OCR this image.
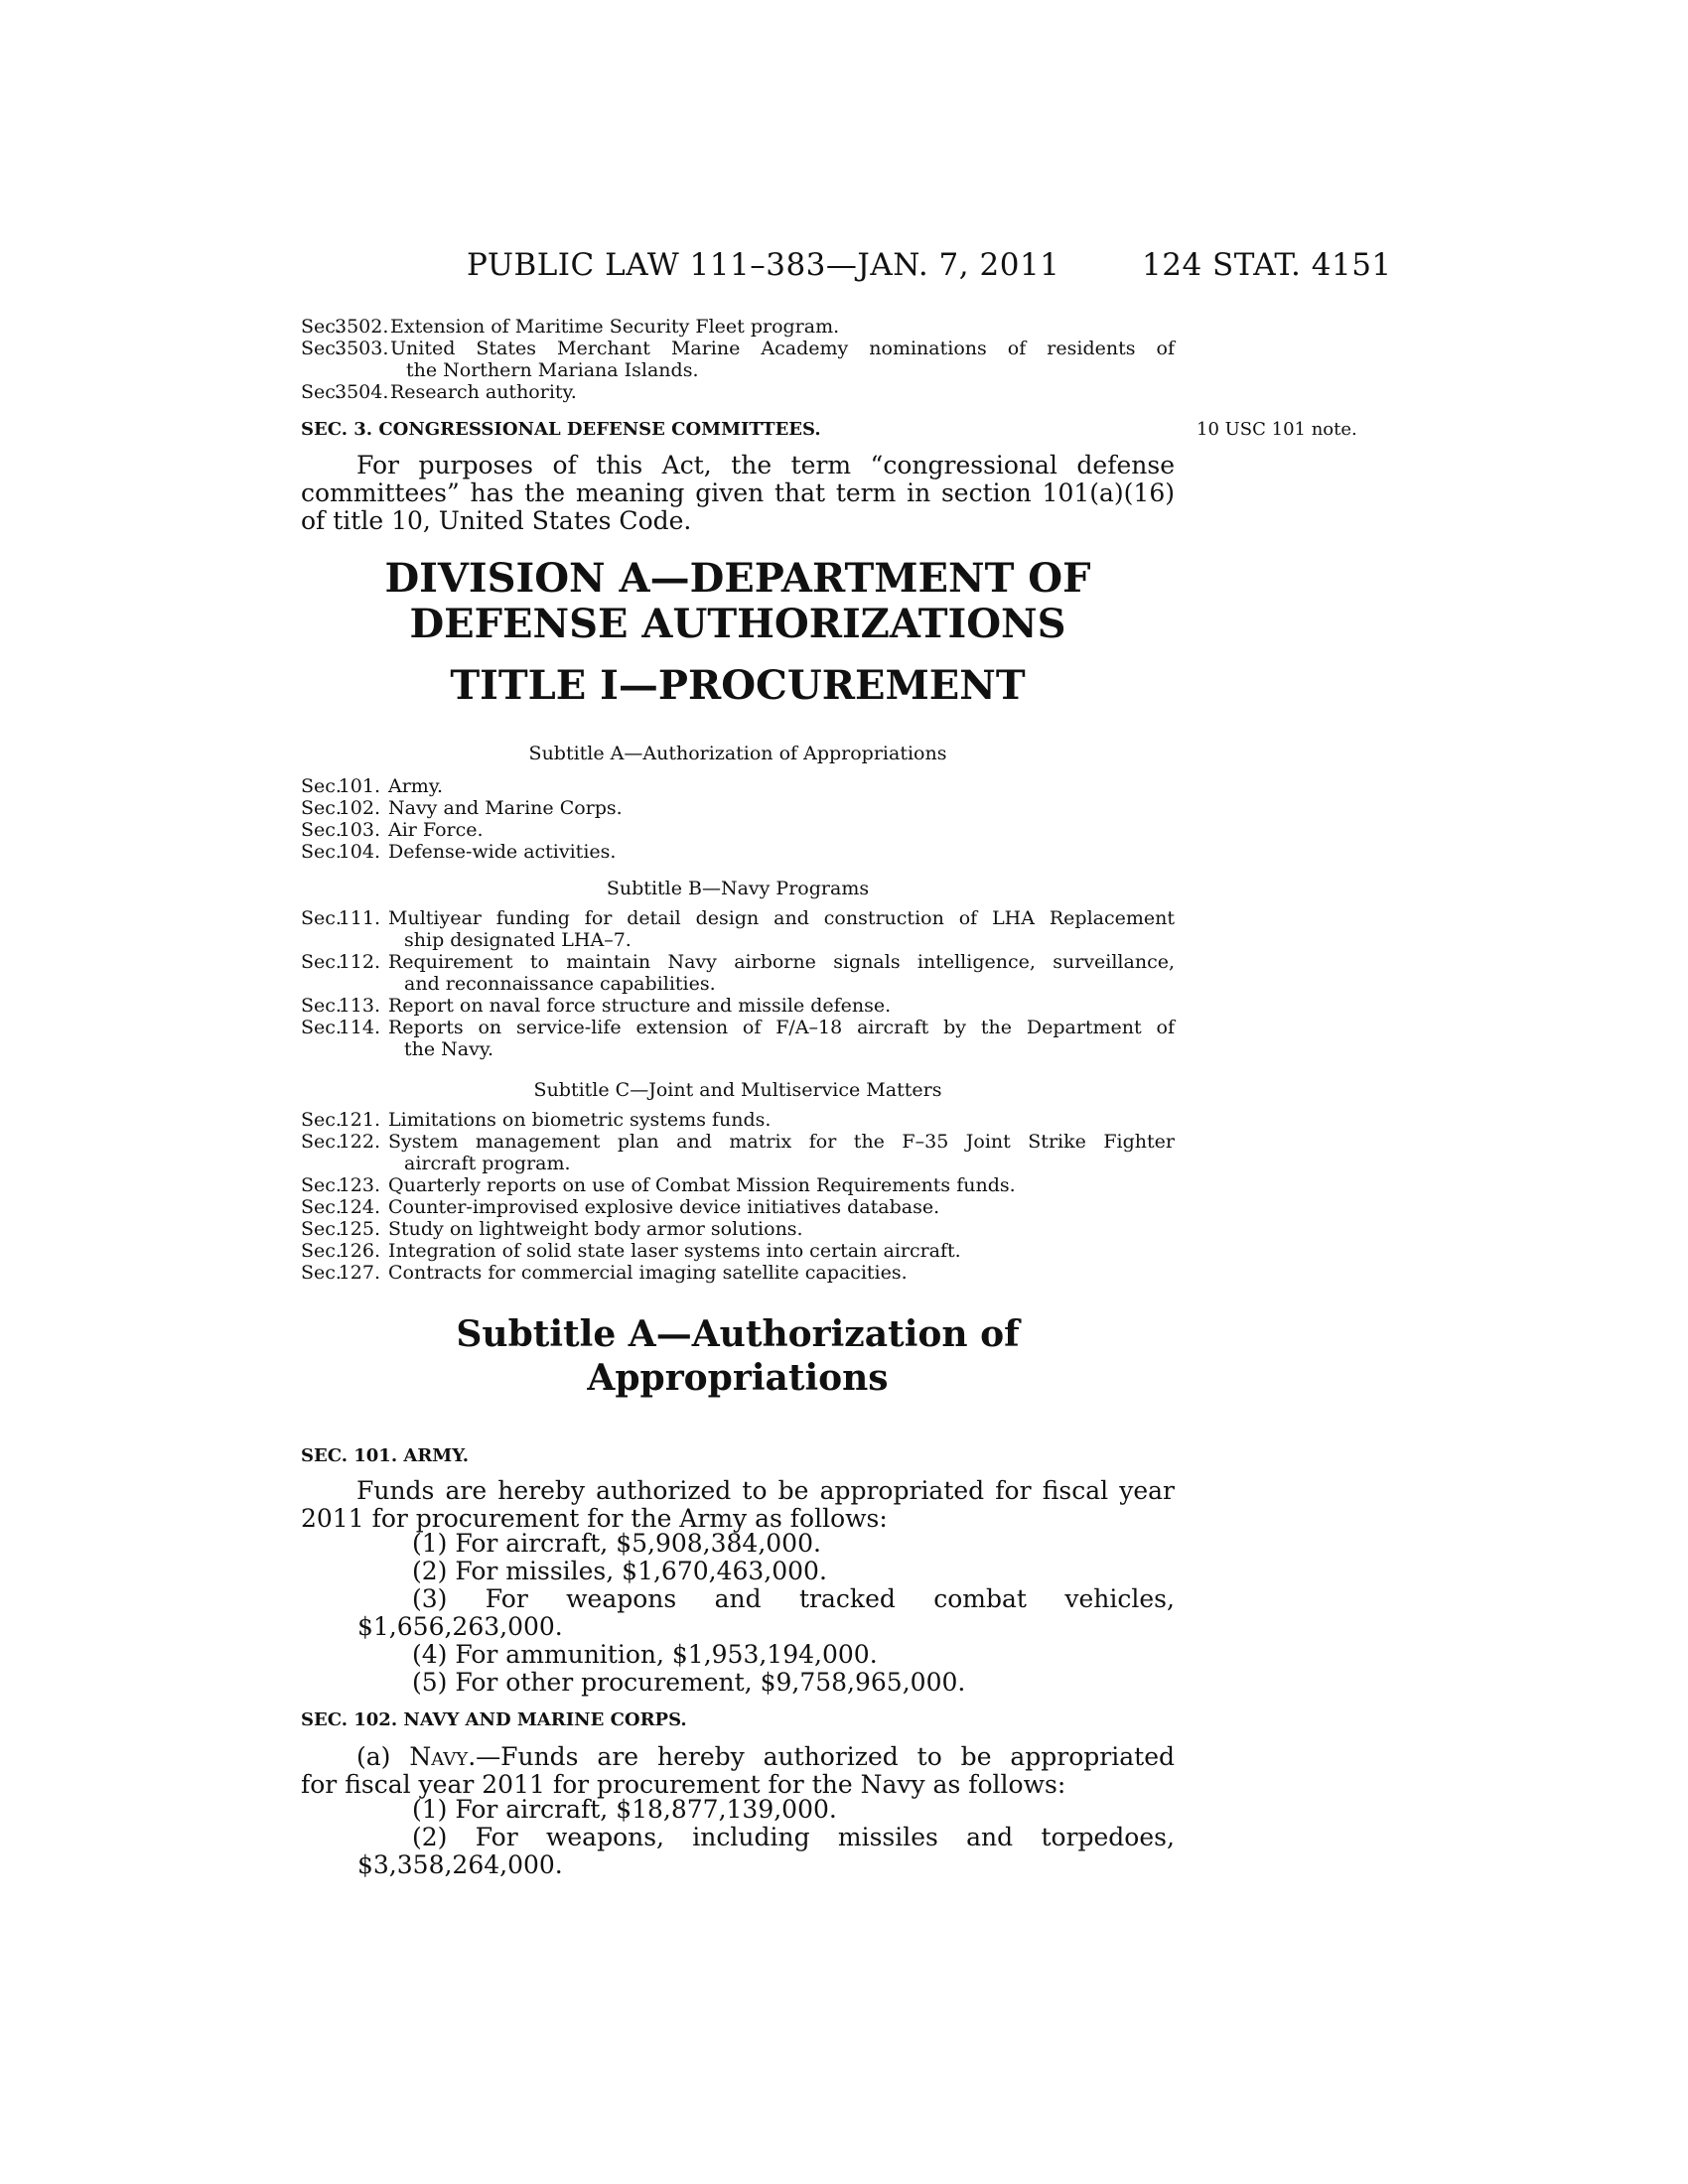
PUBLIC LAW 111–383—JAN. 7, 2011	124 STAT. 4151
Sec.
3502. Extension of Maritime Security Fleet program.
Sec.
3503. United States Merchant Marine Academy nominations of residents of
the Northern Mariana Islands.
Sec.
3504. Research authority.
SEC. 3. CONGRESSIONAL DEFENSE COMMITTEES.	10 USC 101 note.
For purposes of this Act, the term “congressional defense
committees” has the meaning given that term in section 101(a)(16)
of title 10, United States Code.
DIVISION A—DEPARTMENT OF
DEFENSE AUTHORIZATIONS
TITLE I—PROCUREMENT
Subtitle A—Authorization of Appropriations
Sec.
101. Army.
Sec.
102. Navy and Marine Corps.
Sec.
103. Air Force.
Sec.
104. Defense-wide activities.
Subtitle B—Navy Programs
Sec.
111. Multiyear funding for detail design and construction of LHA Replacement
ship designated LHA–7.
Sec.
112. Requirement to maintain Navy airborne signals intelligence, surveillance,
and reconnaissance capabilities.
Sec.
113. Report on naval force structure and missile defense.
Sec.
114. Reports on service-life extension of F/A–18 aircraft by the Department of
the Navy.
Subtitle C—Joint and Multiservice Matters
Sec.
121. Limitations on biometric systems funds.
Sec.
122. System management plan and matrix for the F–35 Joint Strike Fighter
aircraft program.
Sec.
123. Quarterly reports on use of Combat Mission Requirements funds.
Sec.
124. Counter-improvised explosive device initiatives database.
Sec.
125. Study on lightweight body armor solutions.
Sec.
126. Integration of solid state laser systems into certain aircraft.
Sec.
127. Contracts for commercial imaging satellite capacities.
Subtitle A—Authorization of
Appropriations
SEC. 101. ARMY.
Funds are hereby authorized to be appropriated for fiscal year
2011 for procurement for the Army as follows:
(1) For aircraft, $5,908,384,000.
(2) For missiles, $1,670,463,000.
(3) For weapons and tracked combat vehicles,
$1,656,263,000.
(4) For ammunition, $1,953,194,000.
(5) For other procurement, $9,758,965,000.
SEC. 102. NAVY AND MARINE CORPS.
(a) Navy.—Funds are hereby authorized to be appropriated
for fiscal year 2011 for procurement for the Navy as follows:
(1) For aircraft, $18,877,139,000.
(2) For weapons, including missiles and torpedoes,
$3,358,264,000.
